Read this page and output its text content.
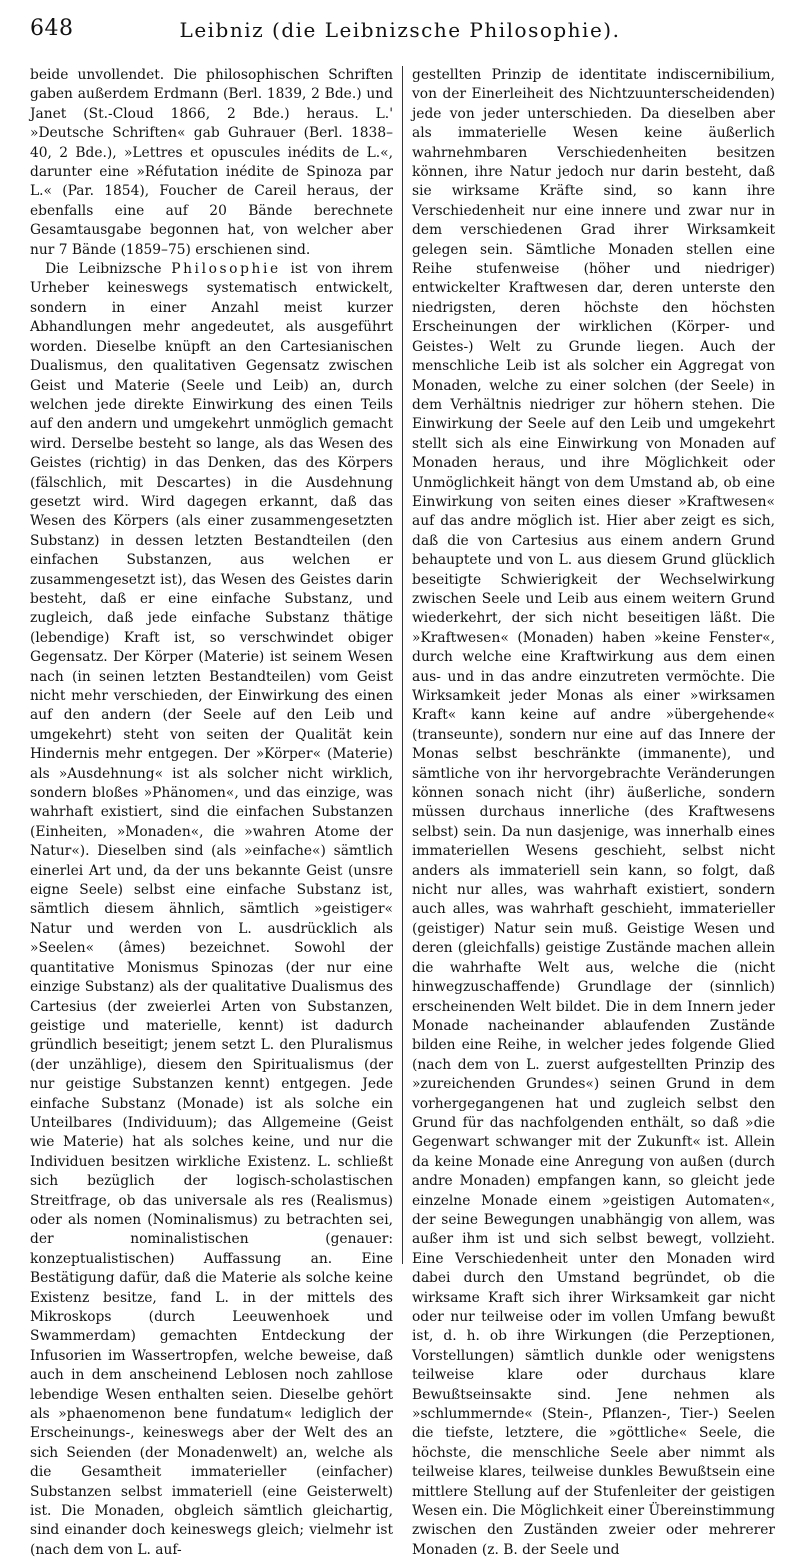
648	Leibniz (die Leibnizsche Philosophie).

beide unvollendet. Die philosophischen Schriften gaben außerdem Erdmann (Berl. 1839, 2 Bde.) und Janet (St.-Cloud 1866, 2 Bde.) heraus. L.' »Deutsche Schriften« gab Guhrauer (Berl. 1838–40, 2 Bde.), »Lettres et opuscules inédits de L.«, darunter eine »Réfutation inédite de Spinoza par L.« (Par. 1854), Foucher de Careil heraus, der ebenfalls eine auf 20 Bände berechnete Gesamtausgabe begonnen hat, von welcher aber nur 7 Bände (1859–75) erschienen sind.

Die Leibnizsche Philosophie ist von ihrem Urheber keineswegs systematisch entwickelt, sondern in einer Anzahl meist kurzer Abhandlungen mehr angedeutet, als ausgeführt worden. Dieselbe knüpft an den Cartesianischen Dualismus, den qualitativen Gegensatz zwischen Geist und Materie (Seele und Leib) an, durch welchen jede direkte Einwirkung des einen Teils auf den andern und umgekehrt unmöglich gemacht wird. Derselbe besteht so lange, als das Wesen des Geistes (richtig) in das Denken, das des Körpers (fälschlich, mit Descartes) in die Ausdehnung gesetzt wird. Wird dagegen erkannt, daß das Wesen des Körpers (als einer zusammengesetzten Substanz) in dessen letzten Bestandteilen (den einfachen Substanzen, aus welchen er zusammengesetzt ist), das Wesen des Geistes darin besteht, daß er eine einfache Substanz, und zugleich, daß jede einfache Substanz thätige (lebendige) Kraft ist, so verschwindet obiger Gegensatz. Der Körper (Materie) ist seinem Wesen nach (in seinen letzten Bestandteilen) vom Geist nicht mehr verschieden, der Einwirkung des einen auf den andern (der Seele auf den Leib und umgekehrt) steht von seiten der Qualität kein Hindernis mehr entgegen. Der »Körper« (Materie) als »Ausdehnung« ist als solcher nicht wirklich, sondern bloßes »Phänomen«, und das einzige, was wahrhaft existiert, sind die einfachen Substanzen (Einheiten, »Monaden«, die »wahren Atome der Natur«). Dieselben sind (als »einfache«) sämtlich einerlei Art und, da der uns bekannte Geist (unsre eigne Seele) selbst eine einfache Substanz ist, sämtlich diesem ähnlich, sämtlich »geistiger« Natur und werden von L. ausdrücklich als »Seelen« (âmes) bezeichnet. Sowohl der quantitative Monismus Spinozas (der nur eine einzige Substanz) als der qualitative Dualismus des Cartesius (der zweierlei Arten von Substanzen, geistige und materielle, kennt) ist dadurch gründlich beseitigt; jenem setzt L. den Pluralismus (der unzählige), diesem den Spiritualismus (der nur geistige Substanzen kennt) entgegen. Jede einfache Substanz (Monade) ist als solche ein Unteilbares (Individuum); das Allgemeine (Geist wie Materie) hat als solches keine, und nur die Individuen besitzen wirkliche Existenz. L. schließt sich bezüglich der logisch-scholastischen Streitfrage, ob das universale als res (Realismus) oder als nomen (Nominalismus) zu betrachten sei, der nominalistischen (genauer: konzeptualistischen) Auffassung an. Eine Bestätigung dafür, daß die Materie als solche keine Existenz besitze, fand L. in der mittels des Mikroskops (durch Leeuwenhoek und Swammerdam) gemachten Entdeckung der Infusorien im Wassertropfen, welche beweise, daß auch in dem anscheinend Leblosen noch zahllose lebendige Wesen enthalten seien. Dieselbe gehört als »phaenomenon bene fundatum« lediglich der Erscheinungs-, keineswegs aber der Welt des an sich Seienden (der Monadenwelt) an, welche als die Gesamtheit immaterieller (einfacher) Substanzen selbst immateriell (eine Geisterwelt) ist. Die Monaden, obgleich sämtlich gleichartig, sind einander doch keineswegs gleich; vielmehr ist (nach dem von L. auf-

gestellten Prinzip de identitate indiscernibilium, von der Einerleiheit des Nichtzuunterscheidenden) jede von jeder unterschieden. Da dieselben aber als immaterielle Wesen keine äußerlich wahrnehmbaren Verschiedenheiten besitzen können, ihre Natur jedoch nur darin besteht, daß sie wirksame Kräfte sind, so kann ihre Verschiedenheit nur eine innere und zwar nur in dem verschiedenen Grad ihrer Wirksamkeit gelegen sein. Sämtliche Monaden stellen eine Reihe stufenweise (höher und niedriger) entwickelter Kraftwesen dar, deren unterste den niedrigsten, deren höchste den höchsten Erscheinungen der wirklichen (Körper- und Geistes-) Welt zu Grunde liegen. Auch der menschliche Leib ist als solcher ein Aggregat von Monaden, welche zu einer solchen (der Seele) in dem Verhältnis niedriger zur höhern stehen. Die Einwirkung der Seele auf den Leib und umgekehrt stellt sich als eine Einwirkung von Monaden auf Monaden heraus, und ihre Möglichkeit oder Unmöglichkeit hängt von dem Umstand ab, ob eine Einwirkung von seiten eines dieser »Kraftwesen« auf das andre möglich ist. Hier aber zeigt es sich, daß die von Cartesius aus einem andern Grund behauptete und von L. aus diesem Grund glücklich beseitigte Schwierigkeit der Wechselwirkung zwischen Seele und Leib aus einem weitern Grund wiederkehrt, der sich nicht beseitigen läßt. Die »Kraftwesen« (Monaden) haben »keine Fenster«, durch welche eine Kraftwirkung aus dem einen aus- und in das andre einzutreten vermöchte. Die Wirksamkeit jeder Monas als einer »wirksamen Kraft« kann keine auf andre »übergehende« (transeunte), sondern nur eine auf das Innere der Monas selbst beschränkte (immanente), und sämtliche von ihr hervorgebrachte Veränderungen können sonach nicht (ihr) äußerliche, sondern müssen durchaus innerliche (des Kraftwesens selbst) sein. Da nun dasjenige, was innerhalb eines immateriellen Wesens geschieht, selbst nicht anders als immateriell sein kann, so folgt, daß nicht nur alles, was wahrhaft existiert, sondern auch alles, was wahrhaft geschieht, immaterieller (geistiger) Natur sein muß. Geistige Wesen und deren (gleichfalls) geistige Zustände machen allein die wahrhafte Welt aus, welche die (nicht hinwegzuschaffende) Grundlage der (sinnlich) erscheinenden Welt bildet. Die in dem Innern jeder Monade nacheinander ablaufenden Zustände bilden eine Reihe, in welcher jedes folgende Glied (nach dem von L. zuerst aufgestellten Prinzip des »zureichenden Grundes«) seinen Grund in dem vorhergegangenen hat und zugleich selbst den Grund für das nachfolgenden enthält, so daß »die Gegenwart schwanger mit der Zukunft« ist. Allein da keine Monade eine Anregung von außen (durch andre Monaden) empfangen kann, so gleicht jede einzelne Monade einem »geistigen Automaten«, der seine Bewegungen unabhängig von allem, was außer ihm ist und sich selbst bewegt, vollzieht. Eine Verschiedenheit unter den Monaden wird dabei durch den Umstand begründet, ob die wirksame Kraft sich ihrer Wirksamkeit gar nicht oder nur teilweise oder im vollen Umfang bewußt ist, d. h. ob ihre Wirkungen (die Perzeptionen, Vorstellungen) sämtlich dunkle oder wenigstens teilweise klare oder durchaus klare Bewußtseinsakte sind. Jene nehmen als »schlummernde« (Stein-, Pflanzen-, Tier-) Seelen die tiefste, letztere, die »göttliche« Seele, die höchste, die menschliche Seele aber nimmt als teilweise klares, teilweise dunkles Bewußtsein eine mittlere Stellung auf der Stufenleiter der geistigen Wesen ein. Die Möglichkeit einer Übereinstimmung zwischen den Zuständen zweier oder mehrerer Monaden (z. B. der Seele und
